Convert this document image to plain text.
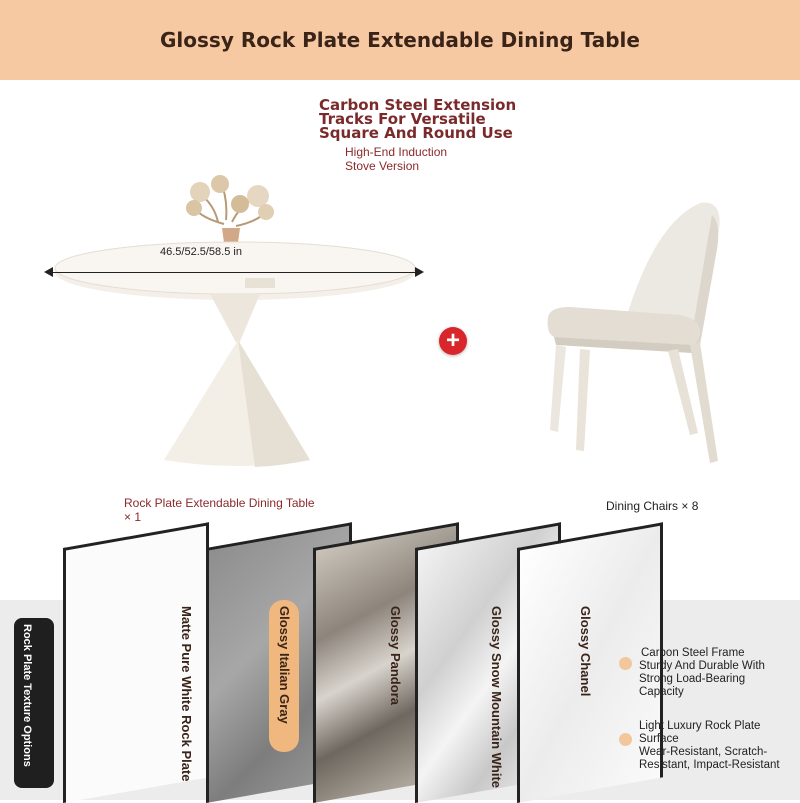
Glossy Rock Plate Extendable Dining Table
Carbon Steel Extension
Tracks For Versatile
Square And Round Use
High-End Induction
Stove Version
46.5/52.5/58.5 in
+
Rock Plate Extendable Dining Table × 1
Dining Chairs × 8
Rock Plate Texture Options	Matte Pure White Rock Plate	Glossy Italian Gray	Glossy Pandora	Glossy Snow Mountain White	Glossy Chanel	Carbon Steel Frame
Sturdy And Durable With Strong Load-Bearing Capacity
Light Luxury Rock Plate Surface
Wear-Resistant, Scratch-Resistant, Impact-Resistant
